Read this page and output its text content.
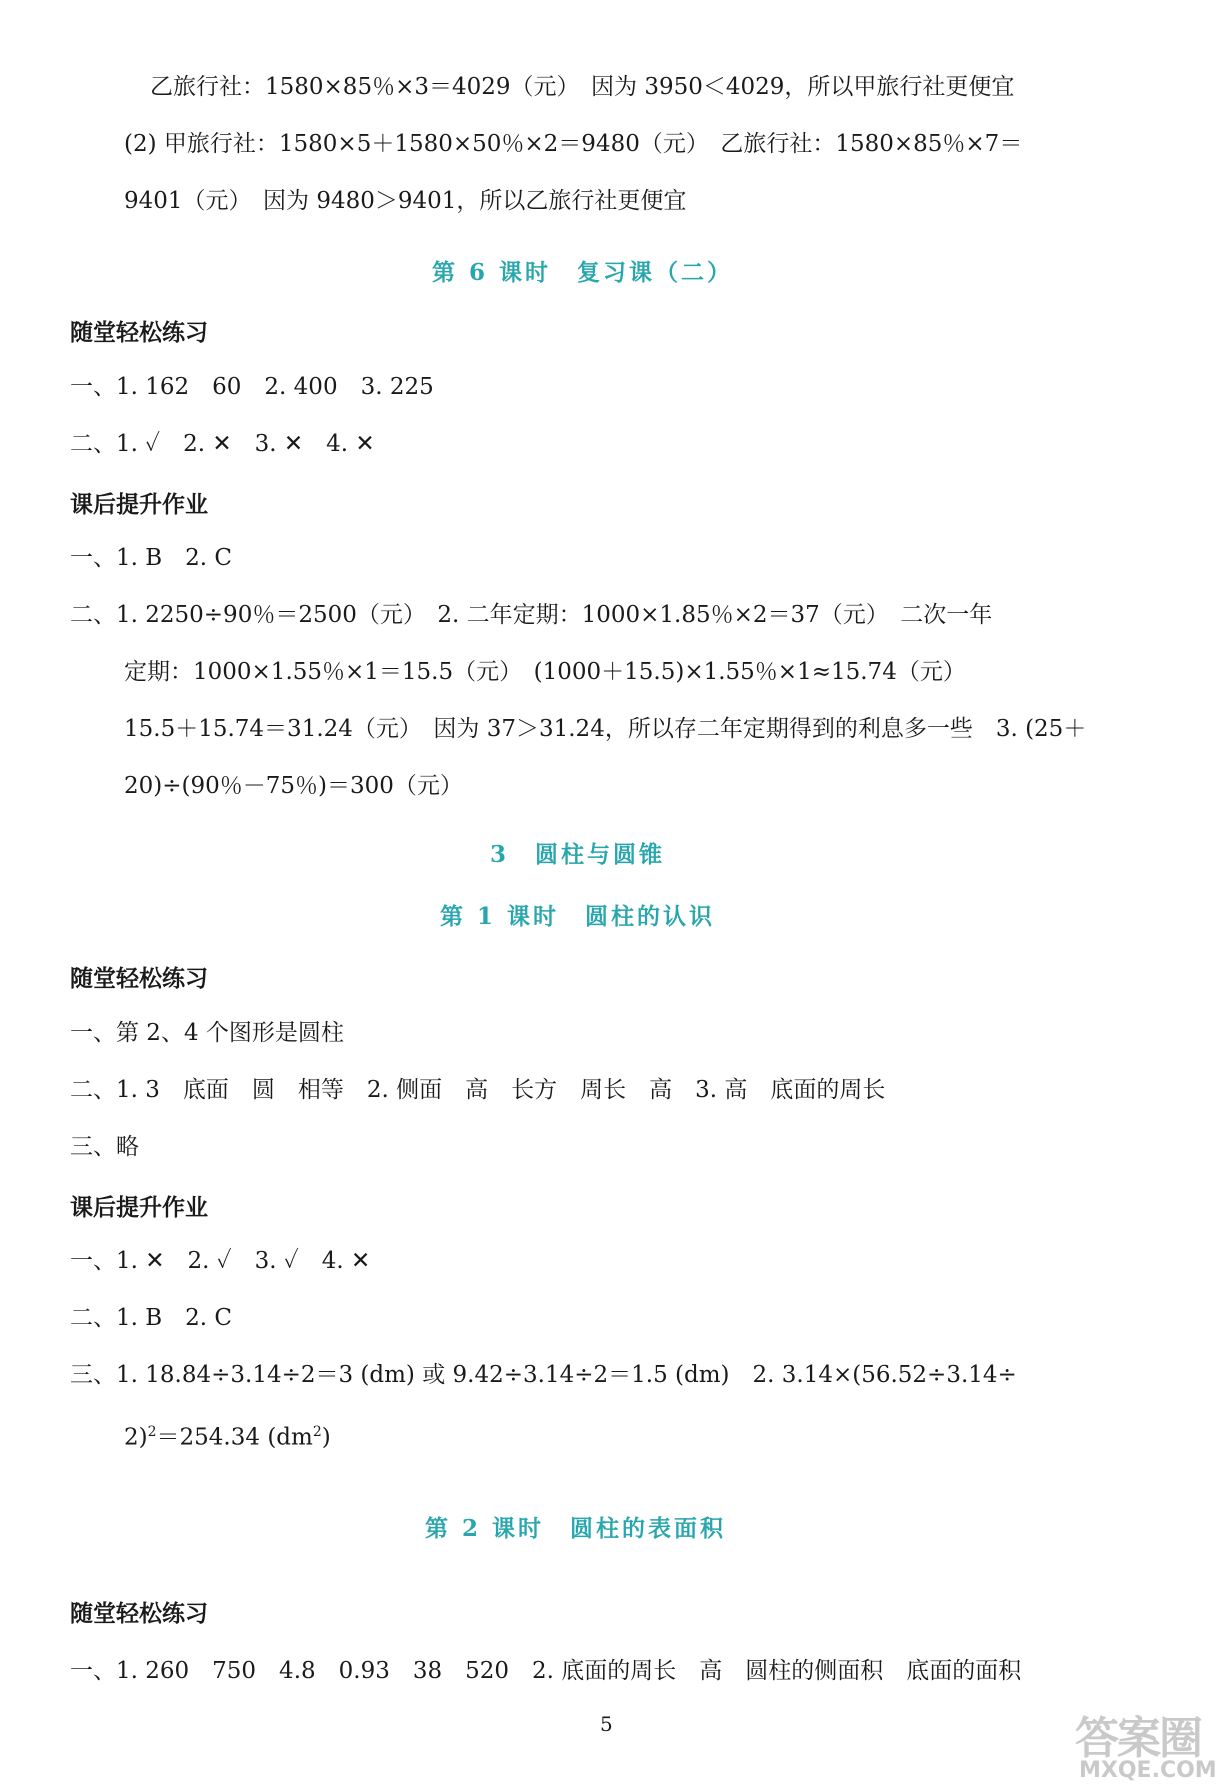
乙旅行社：1580×85％×3＝4029（元）　因为 3950＜4029，所以甲旅行社更便宜
(2) 甲旅行社：1580×5＋1580×50％×2＝9480（元）　乙旅行社：1580×85％×7＝
9401（元）　因为 9480＞9401，所以乙旅行社更便宜
第 6 课时　复习课（二）
随堂轻松练习
一、1. 162　60　2. 400　3. 225
二、1. ✓　2. ✕　3. ✕　4. ✕
课后提升作业
一、1. B　2. C
二、1. 2250÷90％＝2500（元）　2. 二年定期：1000×1.85％×2＝37（元）　二次一年
定期：1000×1.55％×1＝15.5（元）　(1000＋15.5)×1.55％×1≈15.74（元）
15.5＋15.74＝31.24（元）　因为 37＞31.24，所以存二年定期得到的利息多一些　3. (25＋
20)÷(90％－75％)＝300（元）
3　圆柱与圆锥
第 1 课时　圆柱的认识
随堂轻松练习
一、第 2、4 个图形是圆柱
二、1. 3　底面　圆　相等　2. 侧面　高　长方　周长　高　3. 高　底面的周长
三、略
课后提升作业
一、1. ✕　2. ✓　3. ✓　4. ✕
二、1. B　2. C
三、1. 18.84÷3.14÷2＝3 (dm) 或 9.42÷3.14÷2＝1.5 (dm)　2. 3.14×(56.52÷3.14÷
2)$^2$＝254.34 $(dm^2)$
第 2 课时　圆柱的表面积
随堂轻松练习
一、1. 260　750　4.8　0.93　38　520　2. 底面的周长　高　圆柱的侧面积　底面的面积
5	答案圈
MXQE.COM
